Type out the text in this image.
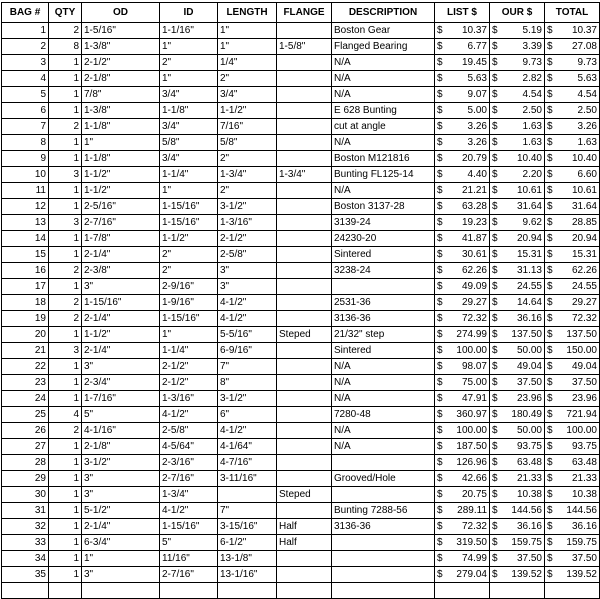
BAG #	QTY	OD	ID	LENGTH	FLANGE	DESCRIPTION	LIST $	OUR $	TOTAL
1	2	1-5/16"	1-1/16"	1"		Boston Gear	$ 10.37	$ 5.19	$ 10.37

2	8	1-3/8"	1"	1"	1-5/8"	Flanged Bearing	$ 6.77	$ 3.39	$ 27.08

3	1	2-1/2"	2"	1/4"		N/A	$ 19.45	$ 9.73	$ 9.73

4	1	2-1/8"	1"	2"		N/A	$ 5.63	$ 2.82	$ 5.63

5	1	7/8"	3/4"	3/4"		N/A	$ 9.07	$ 4.54	$ 4.54

6	1	1-3/8"	1-1/8"	1-1/2"		E 628 Bunting	$ 5.00	$ 2.50	$ 2.50

7	2	1-1/8"	3/4"	7/16"		cut at angle	$ 3.26	$ 1.63	$ 3.26

8	1	1"	5/8"	5/8"		N/A	$ 3.26	$ 1.63	$ 1.63

9	1	1-1/8"	3/4"	2"		Boston M121816	$ 20.79	$ 10.40	$ 10.40

10	3	1-1/2"	1-1/4"	1-3/4"	1-3/4"	Bunting FL125-14	$ 4.40	$ 2.20	$ 6.60

11	1	1-1/2"	1"	2"		N/A	$ 21.21	$ 10.61	$ 10.61

12	1	2-5/16"	1-15/16"	3-1/2"		Boston 3137-28	$ 63.28	$ 31.64	$ 31.64

13	3	2-7/16"	1-15/16"	1-3/16"		3139-24	$ 19.23	$ 9.62	$ 28.85

14	1	1-7/8"	1-1/2"	2-1/2"		24230-20	$ 41.87	$ 20.94	$ 20.94

15	1	2-1/4"	2"	2-5/8"		Sintered	$ 30.61	$ 15.31	$ 15.31

16	2	2-3/8"	2"	3"		3238-24	$ 62.26	$ 31.13	$ 62.26

17	1	3"	2-9/16"	3"			$ 49.09	$ 24.55	$ 24.55

18	2	1-15/16"	1-9/16"	4-1/2"		2531-36	$ 29.27	$ 14.64	$ 29.27

19	2	2-1/4"	1-15/16"	4-1/2"		3136-36	$ 72.32	$ 36.16	$ 72.32

20	1	1-1/2"	1"	5-5/16"	Steped	21/32" step	$ 274.99	$ 137.50	$ 137.50

21	3	2-1/4"	1-1/4"	6-9/16"		Sintered	$ 100.00	$ 50.00	$ 150.00

22	1	3"	2-1/2"	7"		N/A	$ 98.07	$ 49.04	$ 49.04

23	1	2-3/4"	2-1/2"	8"		N/A	$ 75.00	$ 37.50	$ 37.50

24	1	1-7/16"	1-3/16"	3-1/2"		N/A	$ 47.91	$ 23.96	$ 23.96

25	4	5"	4-1/2"	6"		7280-48	$ 360.97	$ 180.49	$ 721.94

26	2	4-1/16"	2-5/8"	4-1/2"		N/A	$ 100.00	$ 50.00	$ 100.00

27	1	2-1/8"	4-5/64"	4-1/64"		N/A	$ 187.50	$ 93.75	$ 93.75

28	1	3-1/2"	2-3/16"	4-7/16"			$ 126.96	$ 63.48	$ 63.48

29	1	3"	2-7/16"	3-11/16"		Grooved/Hole	$ 42.66	$ 21.33	$ 21.33

30	1	3"	1-3/4"		Steped		$ 20.75	$ 10.38	$ 10.38

31	1	5-1/2"	4-1/2"	7"		Bunting 7288-56	$ 289.11	$ 144.56	$ 144.56

32	1	2-1/4"	1-15/16"	3-15/16"	Half	3136-36	$ 72.32	$ 36.16	$ 36.16

33	1	6-3/4"	5"	6-1/2"	Half		$ 319.50	$ 159.75	$ 159.75

34	1	1"	11/16"	13-1/8"			$ 74.99	$ 37.50	$ 37.50

35	1	3"	2-7/16"	13-1/16"			$ 279.04	$ 139.52	$ 139.52
